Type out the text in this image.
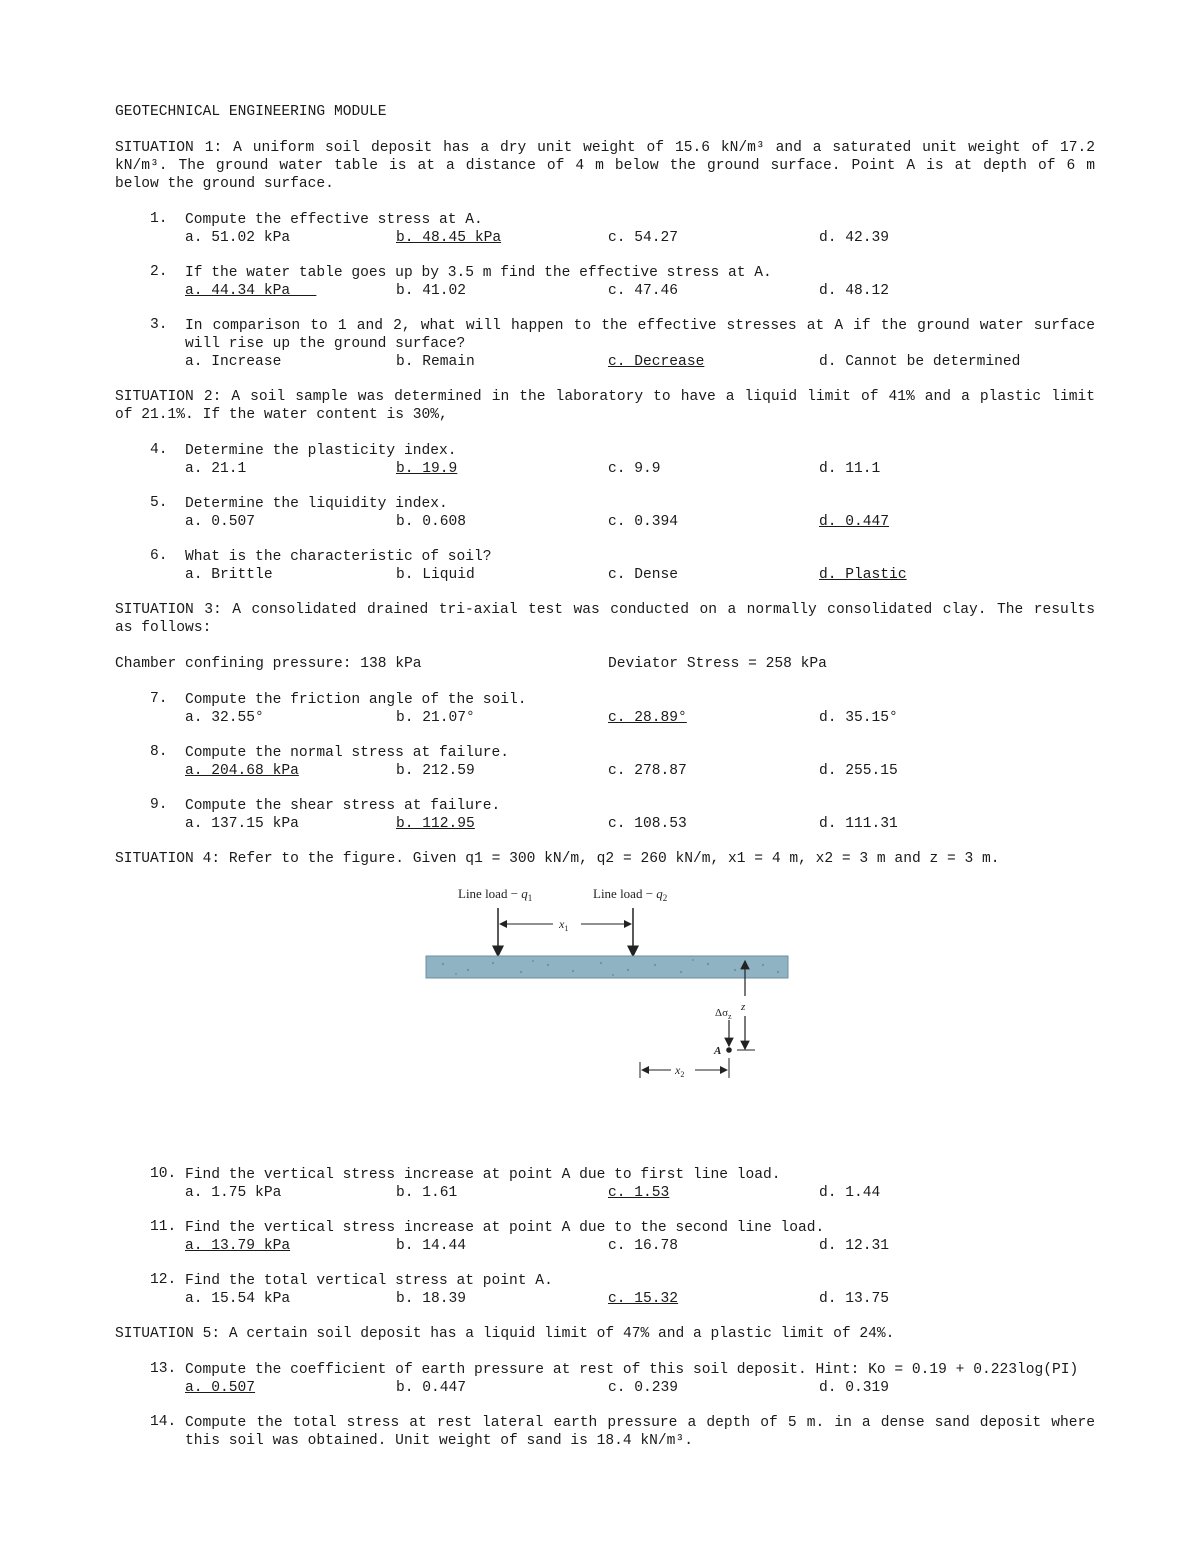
GEOTECHNICAL ENGINEERING MODULE
SITUATION 1: A uniform soil deposit has a dry unit weight of 15.6 kN/m³ and a saturated unit weight of 17.2 kN/m³. The ground water table is at a distance of 4 m below the ground surface. Point A is at depth of 6 m below the ground surface.
1. Compute the effective stress at A.
a. 51.02 kPa	b. 48.45 kPa	c. 54.27	d. 42.39
2. If the water table goes up by 3.5 m find the effective stress at A.
a. 44.34 kPa	b. 41.02	c. 47.46	d. 48.12
3. In comparison to 1 and 2, what will happen to the effective stresses at A if the ground water surface will rise up the ground surface?
a. Increase	b. Remain	c. Decrease	d. Cannot be determined
SITUATION 2: A soil sample was determined in the laboratory to have a liquid limit of 41% and a plastic limit of 21.1%. If the water content is 30%,
4. Determine the plasticity index.
a. 21.1	b. 19.9	c. 9.9	d. 11.1
5. Determine the liquidity index.
a. 0.507	b. 0.608	c. 0.394	d. 0.447
6. What is the characteristic of soil?
a. Brittle	b. Liquid	c. Dense	d. Plastic
SITUATION 3: A consolidated drained tri-axial test was conducted on a normally consolidated clay. The results as follows:
Chamber confining pressure: 138 kPa	Deviator Stress = 258 kPa
7. Compute the friction angle of the soil.
a. 32.55°	b. 21.07°	c. 28.89°	d. 35.15°
8. Compute the normal stress at failure.
a. 204.68 kPa	b. 212.59	c. 278.87	d. 255.15
9. Compute the shear stress at failure.
a. 137.15 kPa	b. 112.95	c. 108.53	d. 111.31
SITUATION 4: Refer to the figure. Given q1 = 300 kN/m, q2 = 260 kN/m, x1 = 4 m, x2 = 3 m and z = 3 m.
Line load − $q_1$	Line load − $q_2$
$x_1$
z
$\Delta\sigma_z$
A
$x_2$
10. Find the vertical stress increase at point A due to first line load.
a. 1.75 kPa	b. 1.61	c. 1.53	d. 1.44
11. Find the vertical stress increase at point A due to the second line load.
a. 13.79 kPa	b. 14.44	c. 16.78	d. 12.31
12. Find the total vertical stress at point A.
a. 15.54 kPa	b. 18.39	c. 15.32	d. 13.75
SITUATION 5: A certain soil deposit has a liquid limit of 47% and a plastic limit of 24%.
13. Compute the coefficient of earth pressure at rest of this soil deposit. Hint: Ko = 0.19 + 0.223log(PI)
a. 0.507	b. 0.447	c. 0.239	d. 0.319
14. Compute the total stress at rest lateral earth pressure a depth of 5 m. in a dense sand deposit where this soil was obtained. Unit weight of sand is 18.4 kN/m³.
